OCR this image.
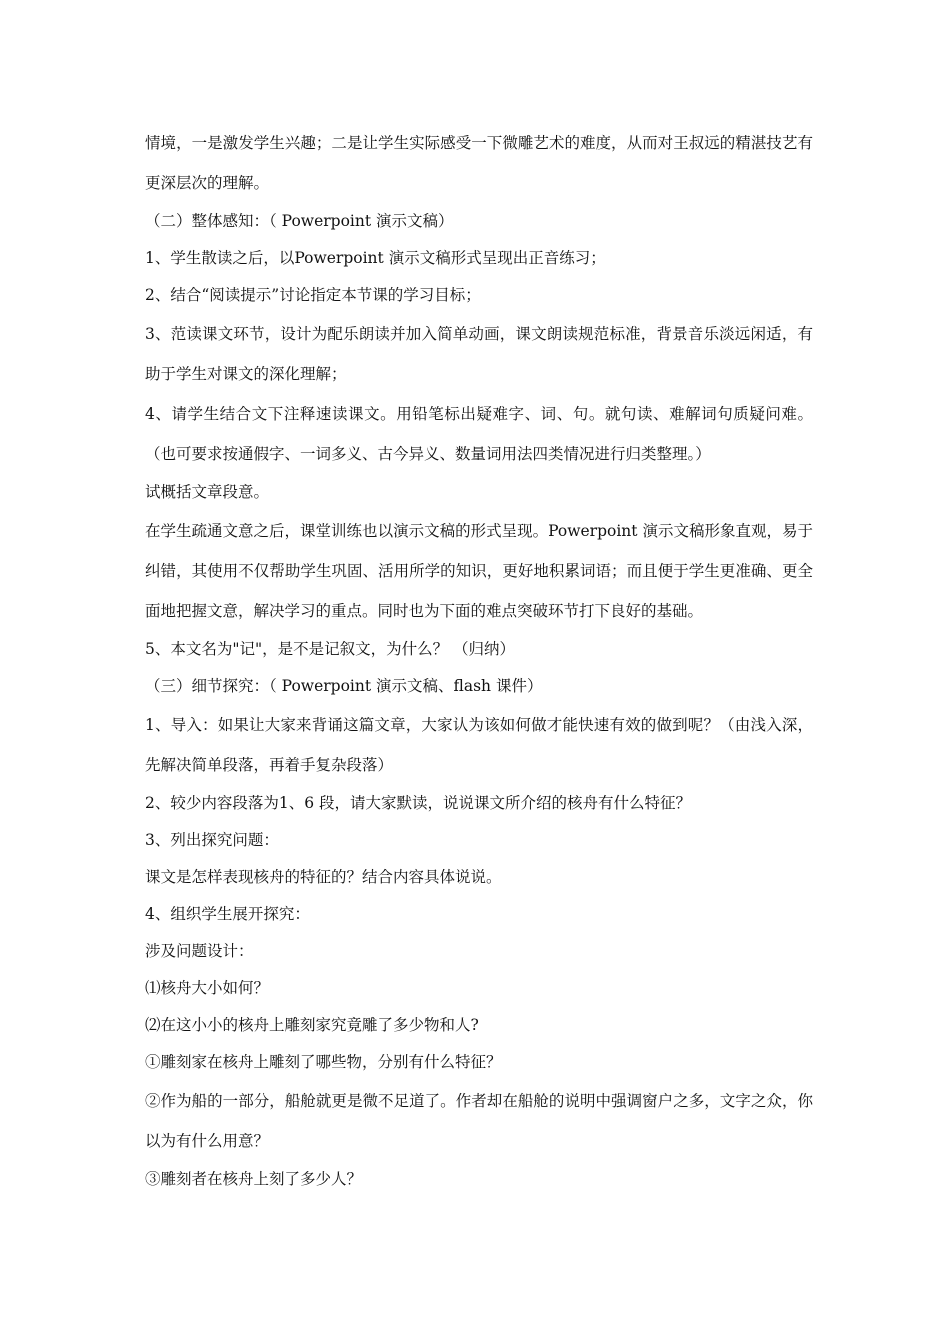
情境，一是激发学生兴趣；二是让学生实际感受一下微雕艺术的难度，从而对王叔远的精湛技艺有更深层次的理解。

（二）整体感知：（ Powerpoint 演示文稿）

1、学生散读之后，以Powerpoint 演示文稿形式呈现出正音练习；

2、结合“阅读提示”讨论指定本节课的学习目标；

3、范读课文环节，设计为配乐朗读并加入简单动画，课文朗读规范标准，背景音乐淡远闲适，有助于学生对课文的深化理解；

4、请学生结合文下注释速读课文。用铅笔标出疑难字、词、句。就句读、难解词句质疑问难。（也可要求按通假字、一词多义、古今异义、数量词用法四类情况进行归类整理。）

试概括文章段意。

在学生疏通文意之后，课堂训练也以演示文稿的形式呈现。Powerpoint 演示文稿形象直观，易于纠错，其使用不仅帮助学生巩固、活用所学的知识，更好地积累词语；而且便于学生更准确、更全面地把握文意，解决学习的重点。同时也为下面的难点突破环节打下良好的基础。

5、本文名为"记"，是不是记叙文，为什么？ （归纳）

（三）细节探究：（ Powerpoint 演示文稿、flash 课件）

1、导入：如果让大家来背诵这篇文章，大家认为该如何做才能快速有效的做到呢？（由浅入深，先解决简单段落，再着手复杂段落）

2、较少内容段落为1、6 段，请大家默读，说说课文所介绍的核舟有什么特征？

3、列出探究问题：

课文是怎样表现核舟的特征的？结合内容具体说说。

4、组织学生展开探究：

涉及问题设计：

⑴核舟大小如何？

⑵在这小小的核舟上雕刻家究竟雕了多少物和人?

①雕刻家在核舟上雕刻了哪些物，分别有什么特征？

②作为船的一部分，船舱就更是微不足道了。作者却在船舱的说明中强调窗户之多，文字之众，你以为有什么用意？

③雕刻者在核舟上刻了多少人？
